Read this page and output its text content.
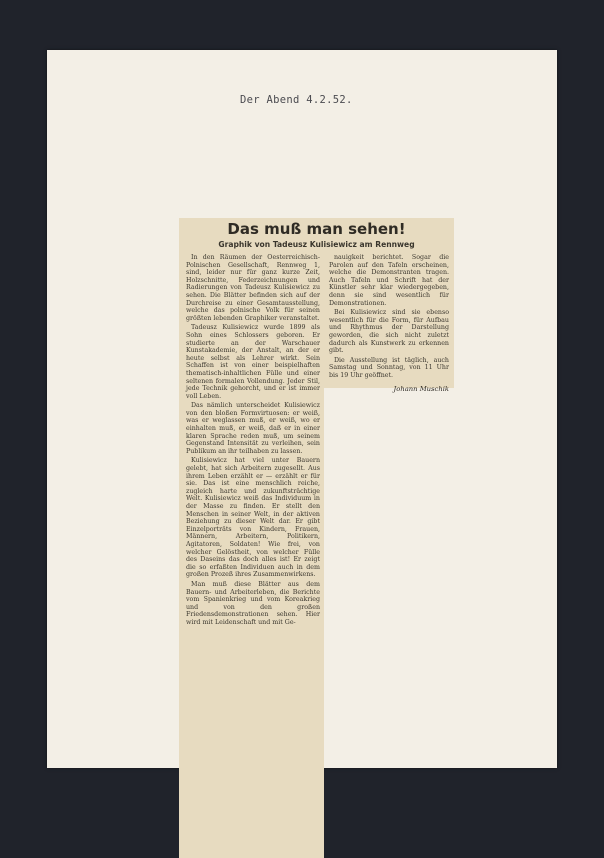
Der Abend 4.2.52.
Das muß man sehen!
Graphik von Tadeusz Kulisiewicz am Rennweg

In den Räumen der Oesterreichisch-Polnischen Gesellschaft, Rennweg 1, sind, leider nur für ganz kurze Zeit, Holzschnitte, Federzeichnungen und Radierungen von Tadeusz Kulisiewicz zu sehen. Die Blätter befinden sich auf der Durchreise zu einer Gesamtausstellung, welche das polnische Volk für seinen größten lebenden Graphiker veranstaltet.

Tadeusz Kulisiewicz wurde 1899 als Sohn eines Schlossers geboren. Er studierte an der Warschauer Kunstakademie, der Anstalt, an der er heute selbst als Lehrer wirkt. Sein Schaffen ist von einer beispielhaften thematisch-inhaltlichen Fülle und einer seltenen formalen Vollendung. Jeder Stil, jede Technik gehorcht, und er ist immer voll Leben.

Das nämlich unterscheidet Kulisiewicz von den bloßen Formvirtuosen: er weiß, was er weglassen muß, er weiß, wo er einhalten muß, er weiß, daß er in einer klaren Sprache reden muß, um seinem Gegenstand Intensität zu verleihen, sein Publikum an ihr teilhaben zu lassen.

Kulisiewicz hat viel unter Bauern gelebt, hat sich Arbeitern zugesellt. Aus ihrem Leben erzählt er — erzählt er für sie. Das ist eine menschlich reiche, zugleich harte und zukunftsträchtige Welt. Kulisiewicz weiß das Individuum in der Masse zu finden. Er stellt den Menschen in seiner Welt, in der aktiven Beziehung zu dieser Welt dar. Er gibt Einzelporträts von Kindern, Frauen, Männern, Arbeitern, Politikern, Agitatoren, Soldaten! Wie frei, von welcher Gelöstheit, von welcher Fülle des Daseins das doch alles ist! Er zeigt die so erfaßten Individuen auch in dem großen Prozeß ihres Zusammenwirkens.

Man muß diese Blätter aus dem Bauern- und Arbeiterleben, die Berichte vom Spanienkrieg und vom Koreakrieg und von den großen Friedensdemonstrationen sehen. Hier wird mit Leidenschaft und mit Ge-

nauigkeit berichtet. Sogar die Parolen auf den Tafeln erscheinen, welche die Demonstranten tragen. Auch Tafeln und Schrift hat der Künstler sehr klar wiedergegeben, denn sie sind wesentlich für Demonstrationen.

Bei Kulisiewicz sind sie ebenso wesentlich für die Form, für Aufbau und Rhythmus der Darstellung geworden, die sich nicht zuletzt dadurch als Kunstwerk zu erkennen gibt.

Die Ausstellung ist täglich, auch Samstag und Sonntag, von 11 Uhr bis 19 Uhr geöffnet.

Johann Muschik
